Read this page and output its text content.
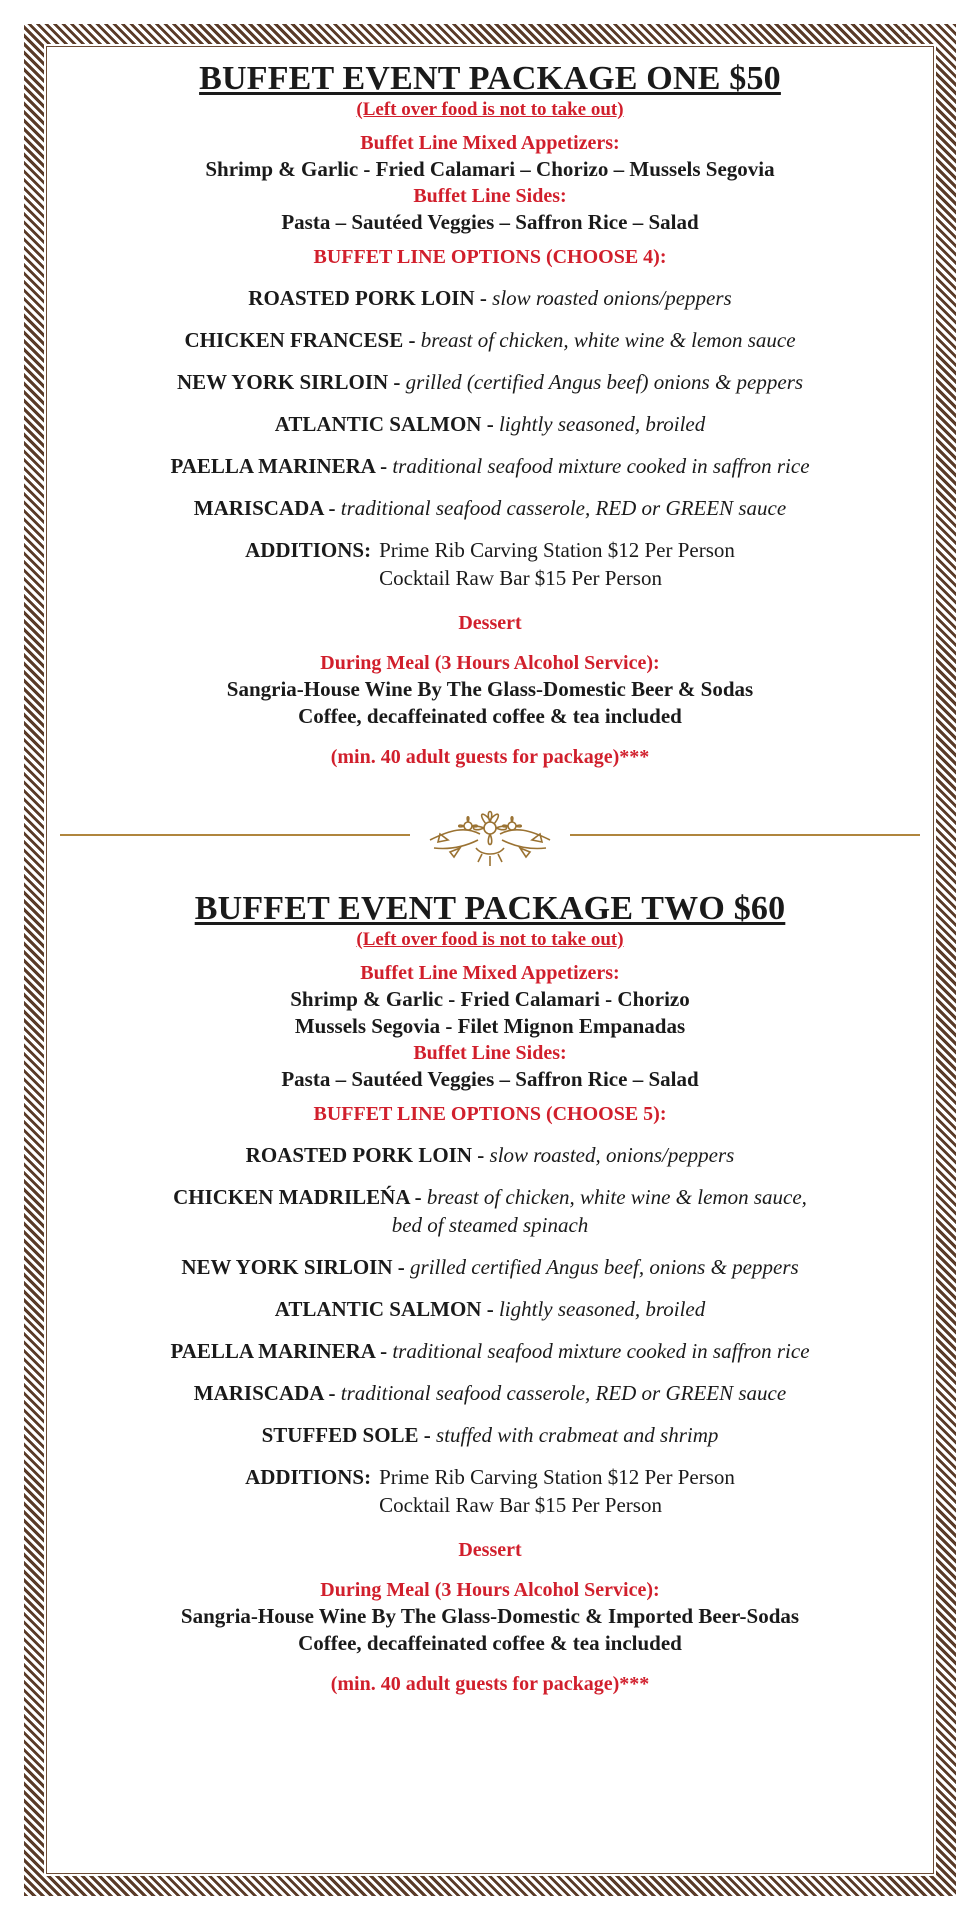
BUFFET EVENT PACKAGE ONE $50
(Left over food is not to take out)
Buffet Line Mixed Appetizers:
Shrimp & Garlic - Fried Calamari – Chorizo – Mussels Segovia
Buffet Line Sides:
Pasta – Sautéed Veggies – Saffron Rice – Salad
BUFFET LINE OPTIONS (CHOOSE 4):
ROASTED PORK LOIN - slow roasted onions/peppers
CHICKEN FRANCESE - breast of chicken, white wine & lemon sauce
NEW YORK SIRLOIN - grilled (certified Angus beef) onions & peppers
ATLANTIC SALMON - lightly seasoned, broiled
PAELLA MARINERA - traditional seafood mixture cooked in saffron rice
MARISCADA - traditional seafood casserole, RED or GREEN sauce
ADDITIONS: Prime Rib Carving Station $12 Per Person
Cocktail Raw Bar $15 Per Person
Dessert
During Meal (3 Hours Alcohol Service):
Sangria-House Wine By The Glass-Domestic Beer & Sodas
Coffee, decaffeinated coffee & tea included
(min. 40 adult guests for package)***
BUFFET EVENT PACKAGE TWO $60
(Left over food is not to take out)
Buffet Line Mixed Appetizers:
Shrimp & Garlic - Fried Calamari - Chorizo
Mussels Segovia - Filet Mignon Empanadas
Buffet Line Sides:
Pasta – Sautéed Veggies – Saffron Rice – Salad
BUFFET LINE OPTIONS (CHOOSE 5):
ROASTED PORK LOIN - slow roasted, onions/peppers
CHICKEN MADRILEŃA - breast of chicken, white wine & lemon sauce,
bed of steamed spinach
NEW YORK SIRLOIN - grilled certified Angus beef, onions & peppers
ATLANTIC SALMON - lightly seasoned, broiled
PAELLA MARINERA - traditional seafood mixture cooked in saffron rice
MARISCADA - traditional seafood casserole, RED or GREEN sauce
STUFFED SOLE - stuffed with crabmeat and shrimp
ADDITIONS: Prime Rib Carving Station $12 Per Person
Cocktail Raw Bar $15 Per Person
Dessert
During Meal (3 Hours Alcohol Service):
Sangria-House Wine By The Glass-Domestic & Imported Beer-Sodas
Coffee, decaffeinated coffee & tea included
(min. 40 adult guests for package)***
